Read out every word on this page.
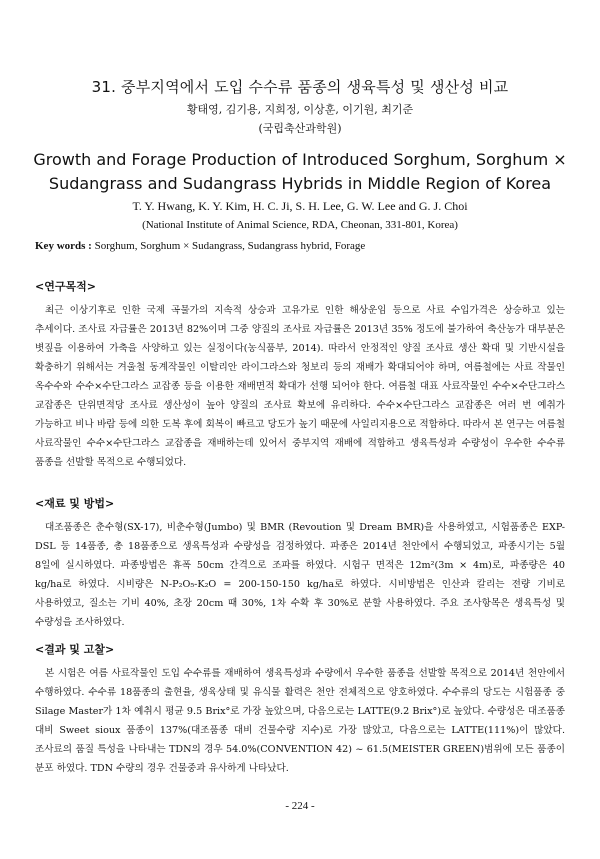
31. 중부지역에서 도입 수수류 품종의 생육특성 및 생산성 비교
황태영, 김기용, 지희정, 이상훈, 이기원, 최기준
(국립축산과학원)
Growth and Forage Production of Introduced Sorghum, Sorghum × Sudangrass and Sudangrass Hybrids in Middle Region of Korea
T. Y. Hwang, K. Y. Kim, H. C. Ji, S. H. Lee, G. W. Lee and G. J. Choi
(National Institute of Animal Science, RDA, Cheonan, 331-801, Korea)
Key words : Sorghum, Sorghum × Sudangrass, Sudangrass hybrid, Forage
<연구목적>
최근 이상기후로 인한 국제 곡물가의 지속적 상승과 고유가로 인한 해상운임 등으로 사료 수입가격은 상승하고 있는 추세이다. 조사료 자급률은 2013년 82%이며 그중 양질의 조사료 자급률은 2013년 35% 정도에 불가하여 축산농가 대부분은 볏짚을 이용하여 가축을 사양하고 있는 실정이다(농식품부, 2014). 따라서 안정적인 양질 조사료 생산 확대 및 기반시설을 확충하기 위해서는 겨울철 동계작물인 이탈리안 라이그라스와 청보리 등의 재배가 확대되어야 하며, 여름철에는 사료 작물인 옥수수와 수수×수단그라스 교잡종 등을 이용한 재배면적 확대가 선행 되어야 한다. 여름철 대표 사료작물인 수수×수단그라스 교잡종은 단위면적당 조사료 생산성이 높아 양질의 조사료 확보에 유리하다. 수수×수단그라스 교잡종은 여러 번 예취가 가능하고 비나 바람 등에 의한 도복 후에 회복이 빠르고 당도가 높기 때문에 사일리지용으로 적합하다. 따라서 본 연구는 여름철 사료작물인 수수×수단그라스 교잡종을 재배하는데 있어서 중부지역 재배에 적합하고 생육특성과 수량성이 우수한 수수류 품종을 선발할 목적으로 수행되었다.
<재료 및 방법>
대조품종은 춘수형(SX-17), 비춘수형(Jumbo) 및 BMR (Revoution 및 Dream BMR)을 사용하였고, 시험품종은 EXP-DSL 등 14품종, 총 18품종으로 생육특성과 수량성을 검정하였다. 파종은 2014년 천안에서 수행되었고, 파종시기는 5월 8일에 실시하였다. 파종방법은 휴폭 50cm 간격으로 조파를 하였다. 시험구 면적은 12m²(3m × 4m)로, 파종량은 40 kg/ha로 하였다. 시비량은 N-P₂O₅-K₂O = 200-150-150 kg/ha로 하였다. 시비방법은 인산과 칼리는 전량 기비로 사용하였고, 질소는 기비 40%, 초장 20cm 때 30%, 1차 수확 후 30%로 분할 사용하였다. 주요 조사항목은 생육특성 및 수량성을 조사하였다.
<결과 및 고찰>
본 시험은 여름 사료작물인 도입 수수류를 재배하여 생육특성과 수량에서 우수한 품종을 선발할 목적으로 2014년 천안에서 수행하였다. 수수류 18품종의 출현율, 생육상태 및 유식물 활력은 천안 전체적으로 양호하였다. 수수류의 당도는 시험품종 중 Silage Master가 1차 예취시 평균 9.5 Brix°로 가장 높았으며, 다음으로는 LATTE(9.2 Brix°)로 높았다. 수량성은 대조품종 대비 Sweet sioux 품종이 137%(대조품종 대비 건물수량 지수)로 가장 많았고, 다음으로는 LATTE(111%)이 많았다. 조사료의 품질 특성을 나타내는 TDN의 경우 54.0%(CONVENTION 42) ~ 61.5(MEISTER GREEN)범위에 모든 품종이 분포 하였다. TDN 수량의 경우 건물중과 유사하게 나타났다.
- 224 -
